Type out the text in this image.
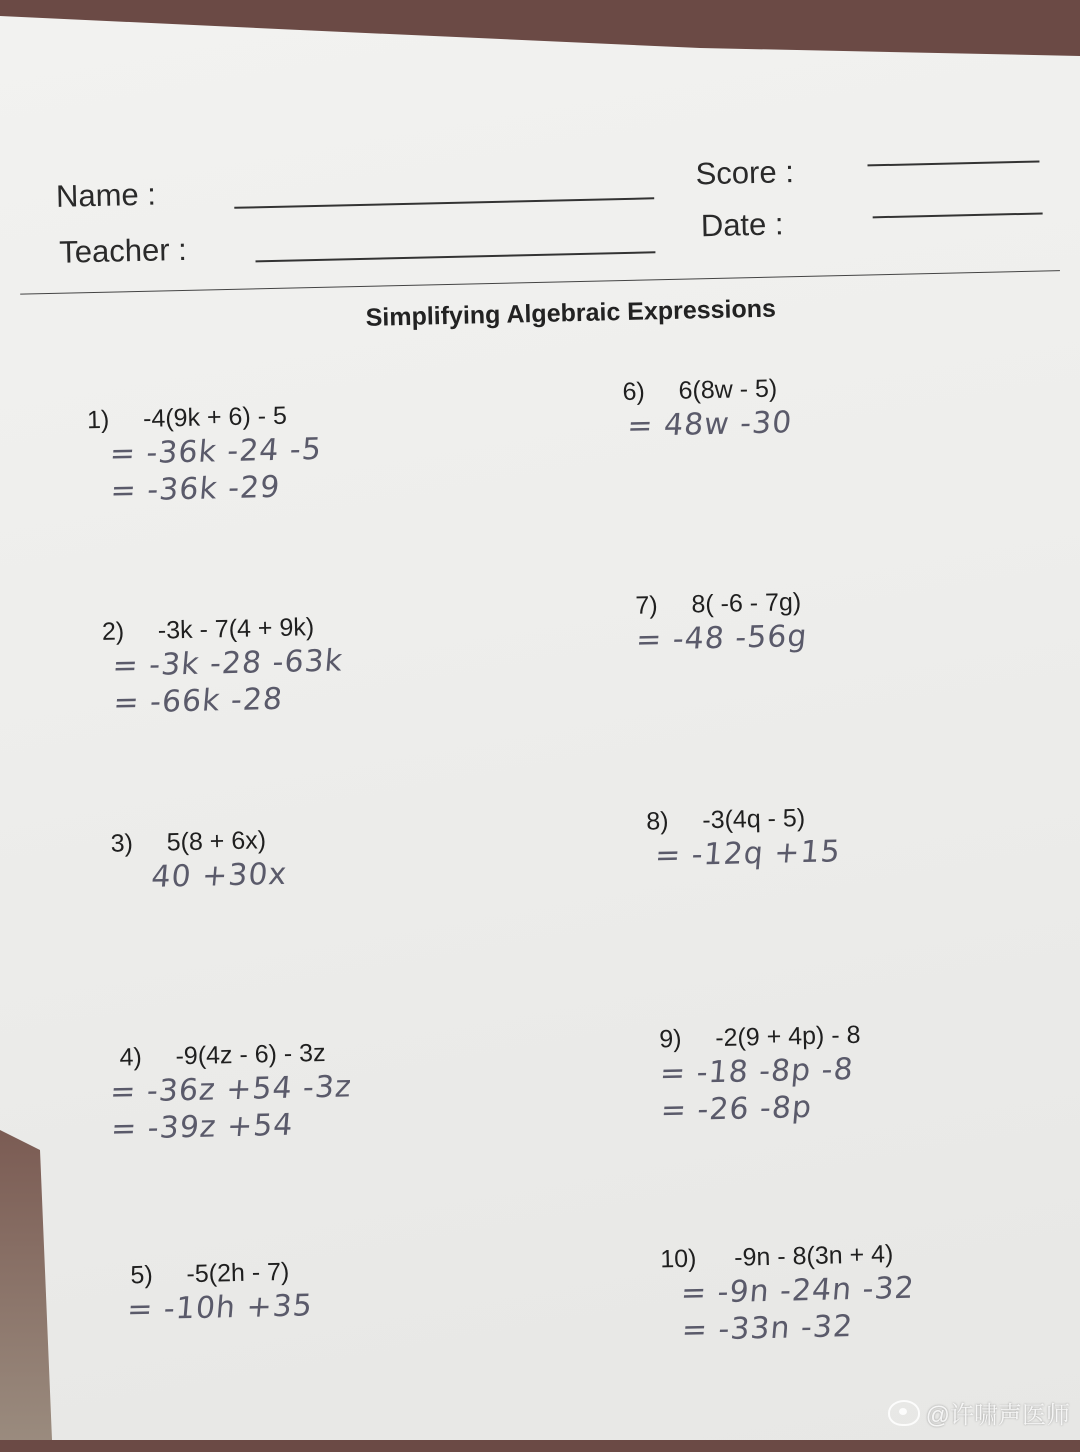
Name :
Teacher :
Score :
Date :
Simplifying Algebraic Expressions
1) -4(9k + 6) - 5
= -36k -24 -5
= -36k -29
2) -3k - 7(4 + 9k)
= -3k -28 -63k
= -66k -28
3) 5(8 + 6x)
40 +30x
4) -9(4z - 6) - 3z
= -36z +54 -3z
= -39z +54
5) -5(2h - 7)
= -10h +35
6) 6(8w - 5)
= 48w -30
7) 8( -6 - 7g)
= -48 -56g
8) -3(4q - 5)
= -12q +15
9) -2(9 + 4p) - 8
= -18 -8p -8
= -26 -8p
10) -9n - 8(3n + 4)
= -9n -24n -32
= -33n -32
@许啸声医师
